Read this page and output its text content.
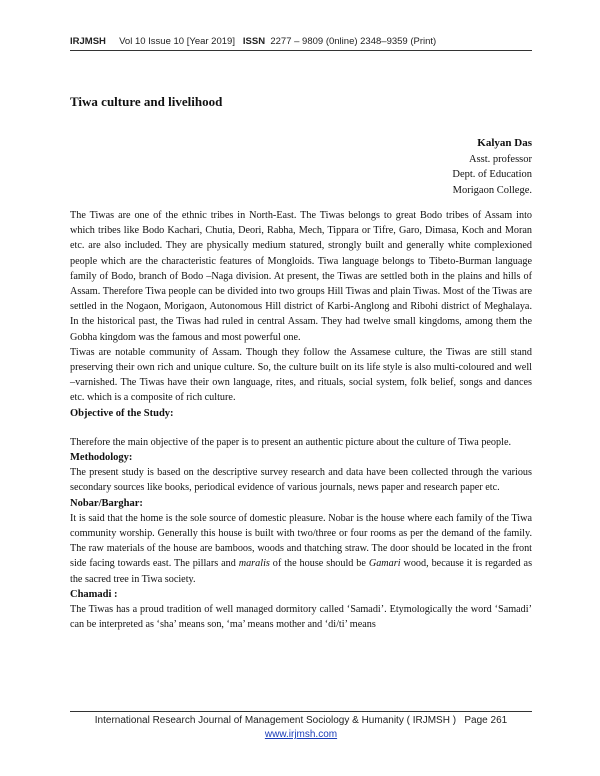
IRJMSH Vol 10 Issue 10 [Year 2019] ISSN 2277 – 9809 (0nline) 2348–9359 (Print)
Tiwa culture and livelihood
Kalyan Das
Asst. professor
Dept. of Education
Morigaon College.

The Tiwas are one of the ethnic tribes in North-East. The Tiwas belongs to great Bodo tribes of Assam into which tribes like Bodo Kachari, Chutia, Deori, Rabha, Mech, Tippara or Tifre, Garo, Dimasa, Koch and Moran etc. are also included. They are physically medium statured, strongly built and generally white complexioned people which are the characteristic features of Mongloids. Tiwa language belongs to Tibeto-Burman language family of Bodo, branch of Bodo –Naga division. At present, the Tiwas are settled both in the plains and hills of Assam. Therefore Tiwa people can be divided into two groups Hill Tiwas and plain Tiwas. Most of the Tiwas are settled in the Nogaon, Morigaon, Autonomous Hill district of Karbi-Anglong and Ribohi district of Meghalaya. In the historical past, the Tiwas had ruled in central Assam. They had twelve small kingdoms, among them the Gobha kingdom was the famous and most powerful one.

Tiwas are notable community of Assam. Though they follow the Assamese culture, the Tiwas are still stand preserving their own rich and unique culture. So, the culture built on its life style is also multi-coloured and well –varnished. The Tiwas have their own language, rites, and rituals, social system, folk belief, songs and dances etc. which is a composite of rich culture.

Objective of the Study:

Therefore the main objective of the paper is to present an authentic picture about the culture of Tiwa people.

Methodology:

The present study is based on the descriptive survey research and data have been collected through the various secondary sources like books, periodical evidence of various journals, news paper and research paper etc.

Nobar/Barghar:

It is said that the home is the sole source of domestic pleasure. Nobar is the house where each family of the Tiwa community worship. Generally this house is built with two/three or four rooms as per the demand of the family. The raw materials of the house are bamboos, woods and thatching straw. The door should be located in the front side facing towards east. The pillars and maralis of the house should be Gamari wood, because it is regarded as the sacred tree in Tiwa society.

Chamadi :

The Tiwas has a proud tradition of well managed dormitory called ‘Samadi’. Etymologically the word ‘Samadi’ can be interpreted as ‘sha’ means son, ‘ma’ means mother and ‘di/ti’ means

International Research Journal of Management Sociology & Humanity ( IRJMSH ) Page 261
www.irjmsh.com
